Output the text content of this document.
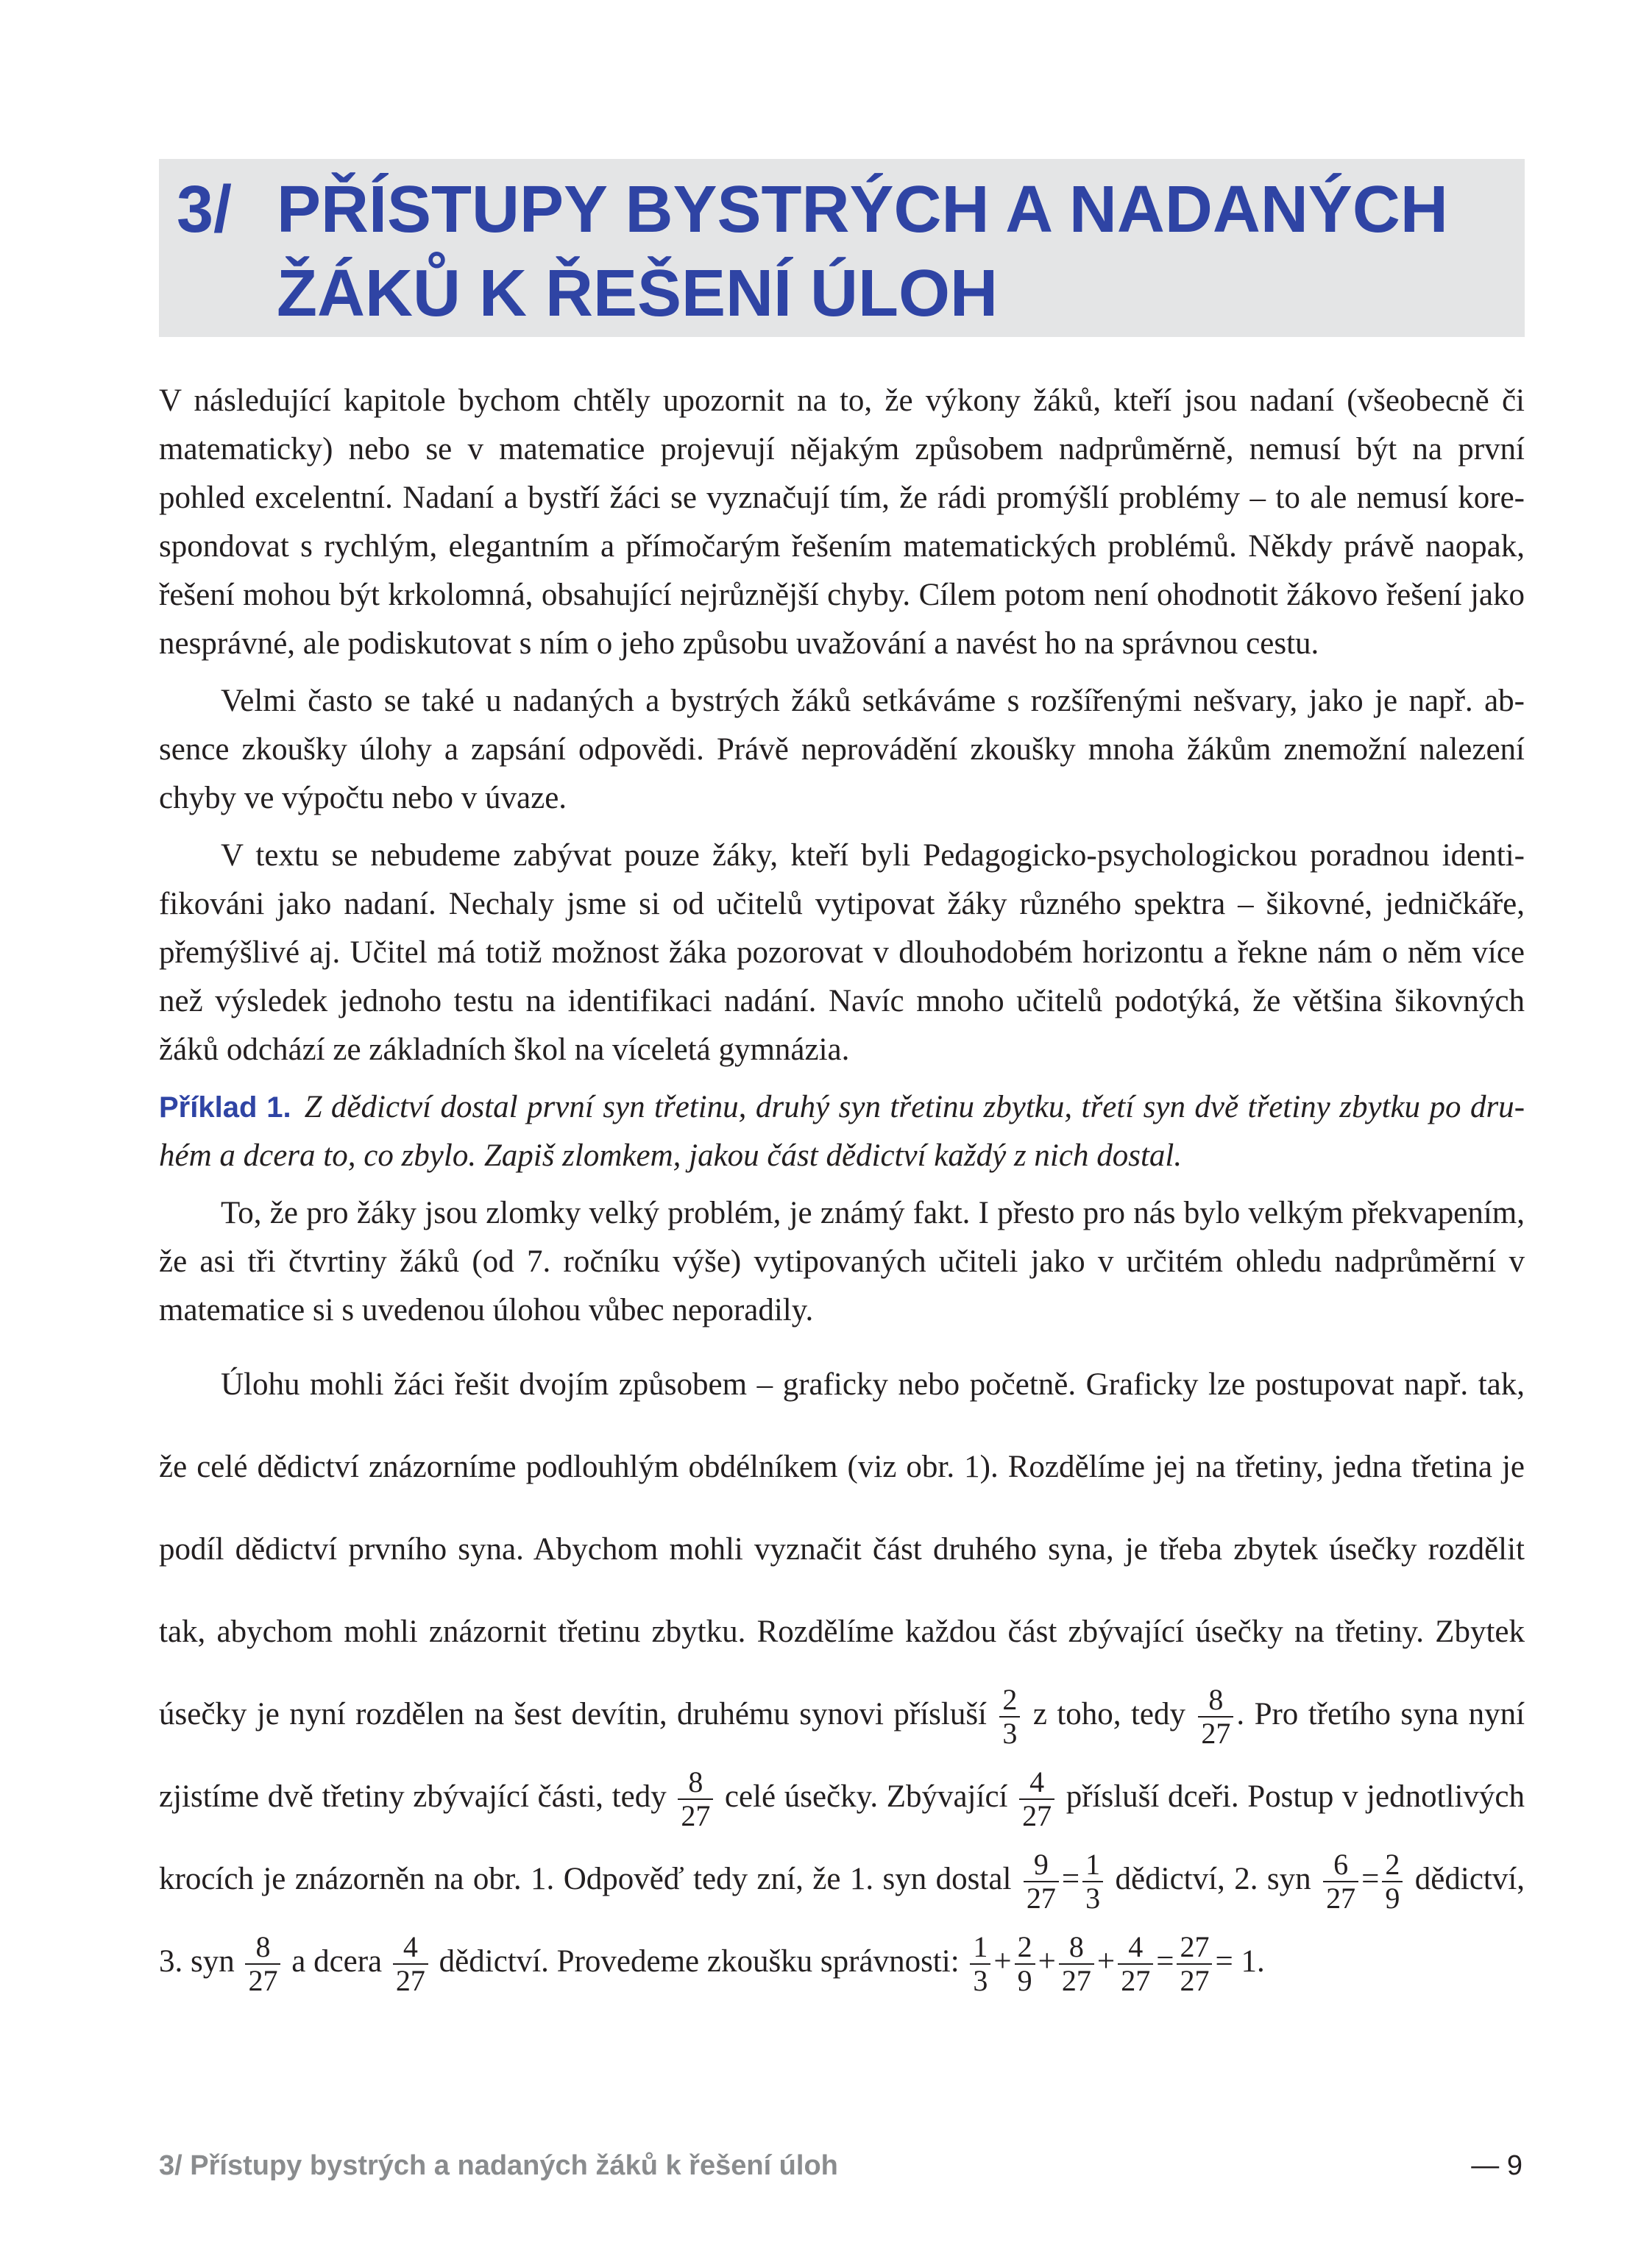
3/ PŘÍSTUPY BYSTRÝCH A NADANÝCH
ŽÁKŮ K ŘEŠENÍ ÚLOH

V následující kapitole bychom chtěly upozornit na to, že výkony žáků, kteří jsou nadaní (všeobecně či matematicky) nebo se v matematice projevují nějakým způsobem nadprůměrně, nemusí být na první pohled excelentní. Nadaní a bystří žáci se vyznačují tím, že rádi promýšlí problémy – to ale nemusí korespondovat s rychlým, elegantním a přímočarým řešením matematických problémů. Někdy právě naopak, řešení mohou být krkolomná, obsahující nejrůznější chyby. Cílem potom není ohodnotit žákovo řešení jako nesprávné, ale podiskutovat s ním o jeho způsobu uvažování a navést ho na správnou cestu.

Velmi často se také u nadaných a bystrých žáků setkáváme s rozšířenými nešvary, jako je např. absence zkoušky úlohy a zapsání odpovědi. Právě neprovádění zkoušky mnoha žákům znemožní nalezení chyby ve výpočtu nebo v úvaze.

V textu se nebudeme zabývat pouze žáky, kteří byli Pedagogicko-psychologickou poradnou identifikováni jako nadaní. Nechaly jsme si od učitelů vytipovat žáky různého spektra – šikovné, jedničkáře, přemýšlivé aj. Učitel má totiž možnost žáka pozorovat v dlouhodobém horizontu a řekne nám o něm více než výsledek jednoho testu na identifikaci nadání. Navíc mnoho učitelů podotýká, že většina šikovných žáků odchází ze základních škol na víceletá gymnázia.

Příklad 1. Z dědictví dostal první syn třetinu, druhý syn třetinu zbytku, třetí syn dvě třetiny zbytku po druhém a dcera to, co zbylo. Zapiš zlomkem, jakou část dědictví každý z nich dostal.

To, že pro žáky jsou zlomky velký problém, je známý fakt. I přesto pro nás bylo velkým překvapením, že asi tři čtvrtiny žáků (od 7. ročníku výše) vytipovaných učiteli jako v určitém ohledu nadprůměrní v matematice si s uvedenou úlohou vůbec neporadily.

Úlohu mohli žáci řešit dvojím způsobem – graficky nebo početně. Graficky lze postupovat např. tak, že celé dědictví znázorníme podlouhlým obdélníkem (viz obr. 1). Rozdělíme jej na třetiny, jedna třetina je podíl dědictví prvního syna. Abychom mohli vyznačit část druhého syna, je třeba zbytek úsečky rozdělit tak, abychom mohli znázornit třetinu zbytku. Rozdělíme každou část zbývající úsečky na třetiny. Zbytek úsečky je nyní rozdělen na šest devítin, druhému synovi přísluší $\frac{2}{3}$ z toho, tedy $\frac{8}{27}$ . Pro třetího syna nyní zjistíme dvě třetiny zbývající části, tedy $\frac{8}{27}$ celé úsečky. Zbývající $\frac{4}{27}$ přísluší dceři. Postup v jednotlivých krocích je znázorněn na obr. 1. Odpověď tedy zní, že 1. syn dostal $\frac{9}{27} = \frac{1}{3}$ dědictví, 2. syn $\frac{6}{27} = \frac{2}{9}$ dědictví, 3. syn $\frac{8}{27}$ a dcera $\frac{4}{27}$ dědictví. Provedeme zkoušku správnosti: $\frac{1}{3} + \frac{2}{9} + \frac{8}{27} + \frac{4}{27} = \frac{27}{27} = 1$.

3/ Přístupy bystrých a nadaných žáků k řešení úloh	— 9
